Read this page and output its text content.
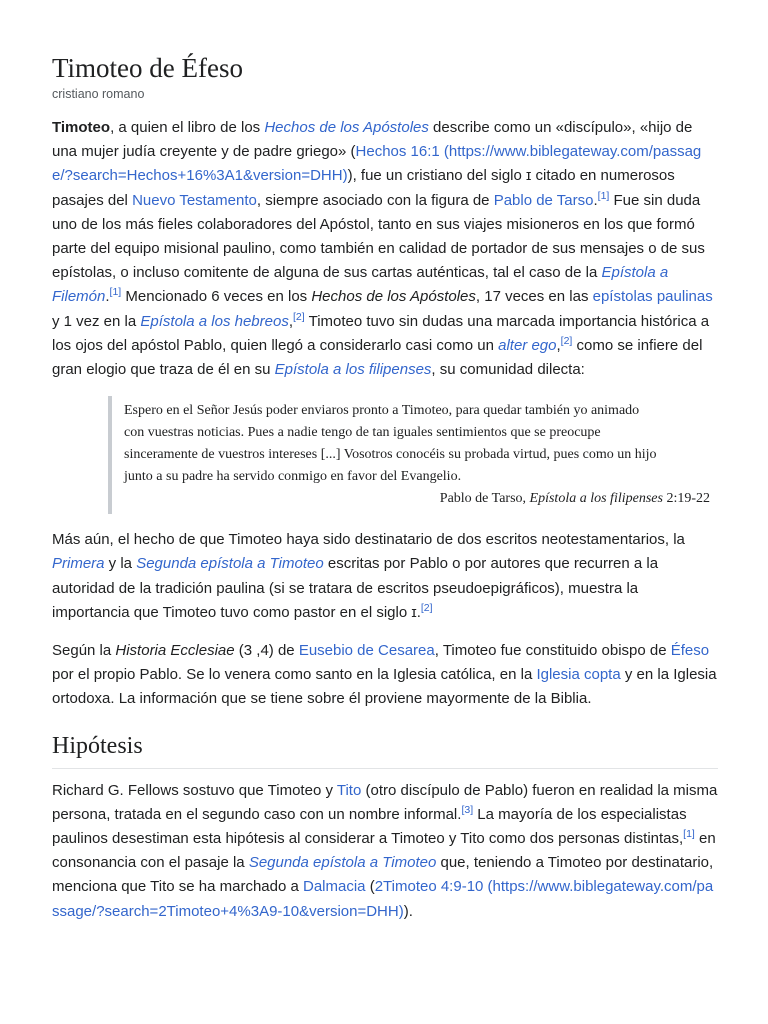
Timoteo de Éfeso
cristiano romano

Timoteo, a quien el libro de los Hechos de los Apóstoles describe como un «discípulo», «hijo de una mujer judía creyente y de padre griego» (Hechos 16:1 (https://www.biblegateway.com/passage/?search=Hechos+16%3A1&version=DHH)), fue un cristiano del siglo ɪ citado en numerosos pasajes del Nuevo Testamento, siempre asociado con la figura de Pablo de Tarso.[1] Fue sin duda uno de los más fieles colaboradores del Apóstol, tanto en sus viajes misioneros en los que formó parte del equipo misional paulino, como también en calidad de portador de sus mensajes o de sus epístolas, o incluso comitente de alguna de sus cartas auténticas, tal el caso de la Epístola a Filemón.[1] Mencionado 6 veces en los Hechos de los Apóstoles, 17 veces en las epístolas paulinas y 1 vez en la Epístola a los hebreos,[2] Timoteo tuvo sin dudas una marcada importancia histórica a los ojos del apóstol Pablo, quien llegó a considerarlo casi como un alter ego,[2] como se infiere del gran elogio que traza de él en su Epístola a los filipenses, su comunidad dilecta:

Espero en el Señor Jesús poder enviaros pronto a Timoteo, para quedar también yo animado con vuestras noticias. Pues a nadie tengo de tan iguales sentimientos que se preocupe sinceramente de vuestros intereses [...] Vosotros conocéis su probada virtud, pues como un hijo junto a su padre ha servido conmigo en favor del Evangelio.
Pablo de Tarso, Epístola a los filipenses 2:19-22

Más aún, el hecho de que Timoteo haya sido destinatario de dos escritos neotestamentarios, la Primera y la Segunda epístola a Timoteo escritas por Pablo o por autores que recurren a la autoridad de la tradición paulina (si se tratara de escritos pseudoepigráficos), muestra la importancia que Timoteo tuvo como pastor en el siglo ɪ.[2]

Según la Historia Ecclesiae (3 ,4) de Eusebio de Cesarea, Timoteo fue constituido obispo de Éfeso por el propio Pablo. Se lo venera como santo en la Iglesia católica, en la Iglesia copta y en la Iglesia ortodoxa. La información que se tiene sobre él proviene mayormente de la Biblia.

Hipótesis

Richard G. Fellows sostuvo que Timoteo y Tito (otro discípulo de Pablo) fueron en realidad la misma persona, tratada en el segundo caso con un nombre informal.[3] La mayoría de los especialistas paulinos desestiman esta hipótesis al considerar a Timoteo y Tito como dos personas distintas,[1] en consonancia con el pasaje la Segunda epístola a Timoteo que, teniendo a Timoteo por destinatario, menciona que Tito se ha marchado a Dalmacia (2Timoteo 4:9-10 (https://www.biblegateway.com/passage/?search=2Timoteo+4%3A9-10&version=DHH)).
